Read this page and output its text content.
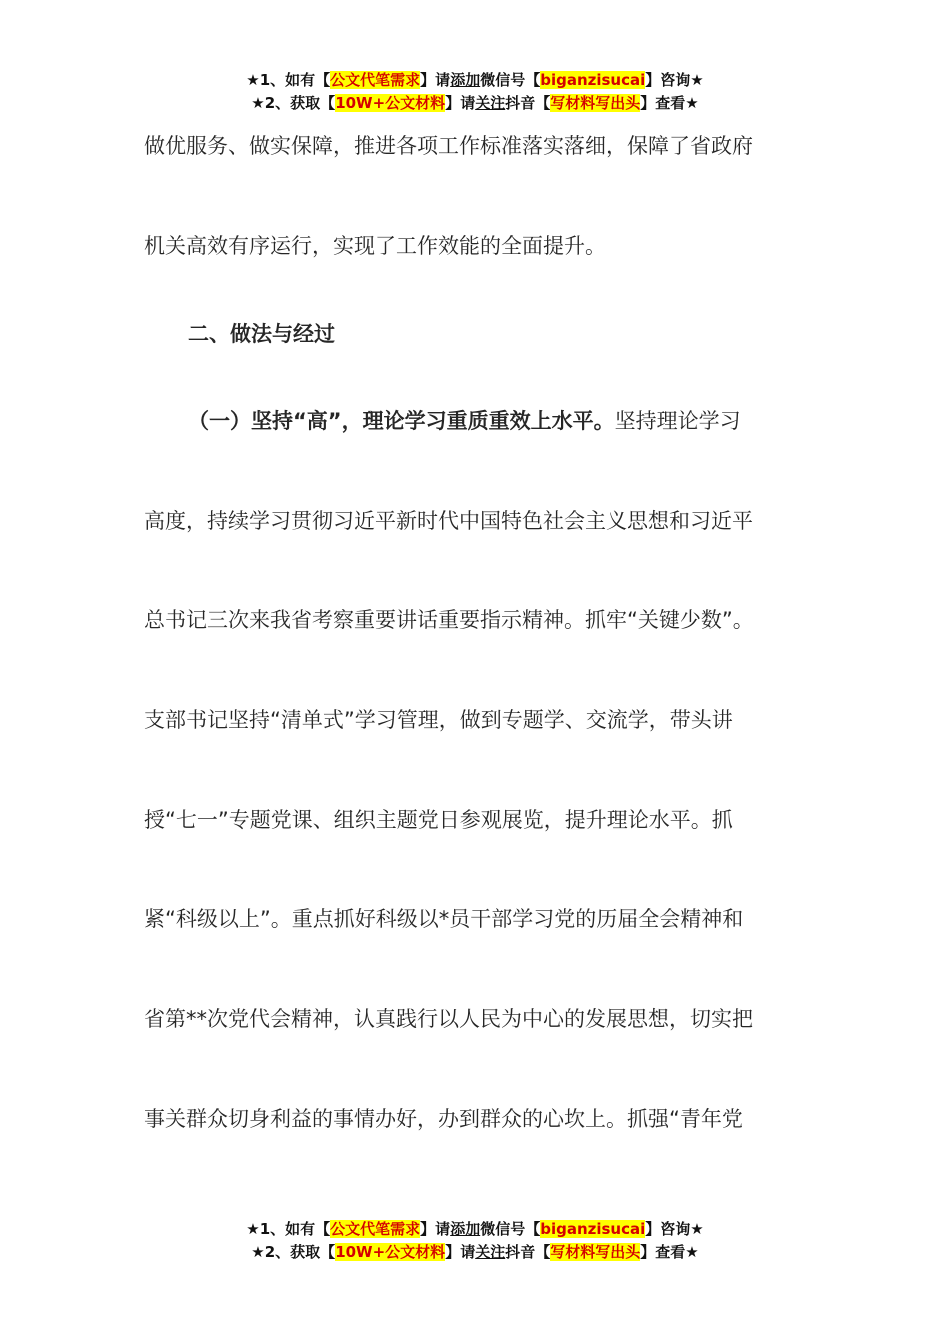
★1、如有【公文代笔需求】请添加微信号【biganzisucai】咨询★
★2、获取【10W+公文材料】请关注抖音【写材料写出头】查看★
做优服务、做实保障，推进各项工作标准落实落细，保障了省政府
机关高效有序运行，实现了工作效能的全面提升。
二、做法与经过
（一）坚持“高”，理论学习重质重效上水平。坚持理论学习
高度，持续学习贯彻习近平新时代中国特色社会主义思想和习近平
总书记三次来我省考察重要讲话重要指示精神。抓牢“关键少数”。
支部书记坚持“清单式”学习管理，做到专题学、交流学，带头讲
授“七一”专题党课、组织主题党日参观展览，提升理论水平。抓
紧“科级以上”。重点抓好科级以*员干部学习党的历届全会精神和
省第**次党代会精神，认真践行以人民为中心的发展思想，切实把
事关群众切身利益的事情办好，办到群众的心坎上。抓强“青年党
★1、如有【公文代笔需求】请添加微信号【biganzisucai】咨询★
★2、获取【10W+公文材料】请关注抖音【写材料写出头】查看★
